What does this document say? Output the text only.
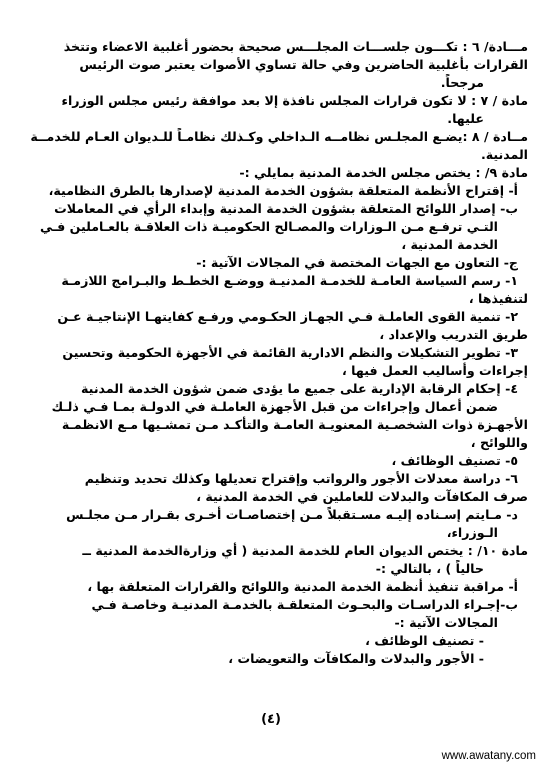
مـــادة/ ٦ : تكـــون جلســـات المجلـــس صحيحة بحضور أغلبية الاعضاء وتتخذ
القرارات بأغلبية الحاضرين وفي حالة تساوي الأصوات يعتبر صوت الرئيس
مرجحاً.
مادة / ٧ : لا تكون قرارات المجلس نافذة إلا بعد موافقة رئيس مجلس الوزراء
عليها.
مــادة / ٨ :يضـع المجلـس نظامــه الـداخلي وكـذلك نظامـاً للـديوان العـام للخدمــة
المدنية.
مادة ٩/ : يختص مجلس الخدمة المدنية بمايلي :-
أ- إقتراح الأنظمة المتعلقة بشؤون الخدمة المدنية لإصدارها بالطرق النظامية،
ب- إصدار اللوائح المتعلقة بشؤون الخدمة المدنية وإبداء الرأي في المعاملات
التـي ترفـع مـن الـوزارات والمصـالح الحكوميـة ذات العلاقـة بالعـاملين فـي
الخدمة المدنية ،
ج- التعاون مع الجهات المختصة في المجالات الآتية :-
١- رسم السياسة العامـة للخدمـة المدنيـة ووضـع الخطـط والبـرامج اللازمـة
لتنفيذها ،
٢- تنمية القوى العاملـة فـي الجهـاز الحكـومي ورفـع كفايتهـا الإنتاجيـة عـن
طريق التدريب والإعداد ،
٣- تطوير التشكيلات والنظم الادارية القائمة في الأجهزة الحكومية وتحسين
إجراءات وأساليب العمل فيها ،
٤- إحكام الرقابة الإدارية على جميع ما يؤدى ضمن شؤون الخدمة المدنية
ضمن أعمال وإجراءات من قبل الأجهزة العاملـة في الدولـة بمـا فـي ذلـك
الأجهـزة ذوات الشخصـية المعنويـة العامـة والتأكـد مـن تمشـيها مـع الانظمـة
واللوائح ،
٥- تصنيف الوظائف ،
٦- دراسة معدلات الأجور والرواتب وإقتراح تعديلها وكذلك تحديد وتنظيم
صرف المكافآت والبدلات للعاملين في الخدمة المدنية ،
د- مـايتم إسـناده إليـه مسـتقبلاً مـن إختصاصـات أخـرى بقـرار مـن مجلـس
الـوزراء،
مادة ١٠/ : يختص الديوان العام للخدمة المدنية ( أي وزارةالخدمة المدنية ــ
حالياً ) ، بالتالي :-
أ- مراقبة تنفيذ أنظمة الخدمة المدنية واللوائح والقرارات المتعلقة بها ،
ب-إجـراء الدراسـات والبحـوث المتعلقـة بالخدمـة المدنيـة وخاصـة فـي
المجالات الآتية :-
- تصنيف الوظائف ،
- الأجور والبدلات والمكافآت والتعويضات ،
(٤)
www.awatany.com
